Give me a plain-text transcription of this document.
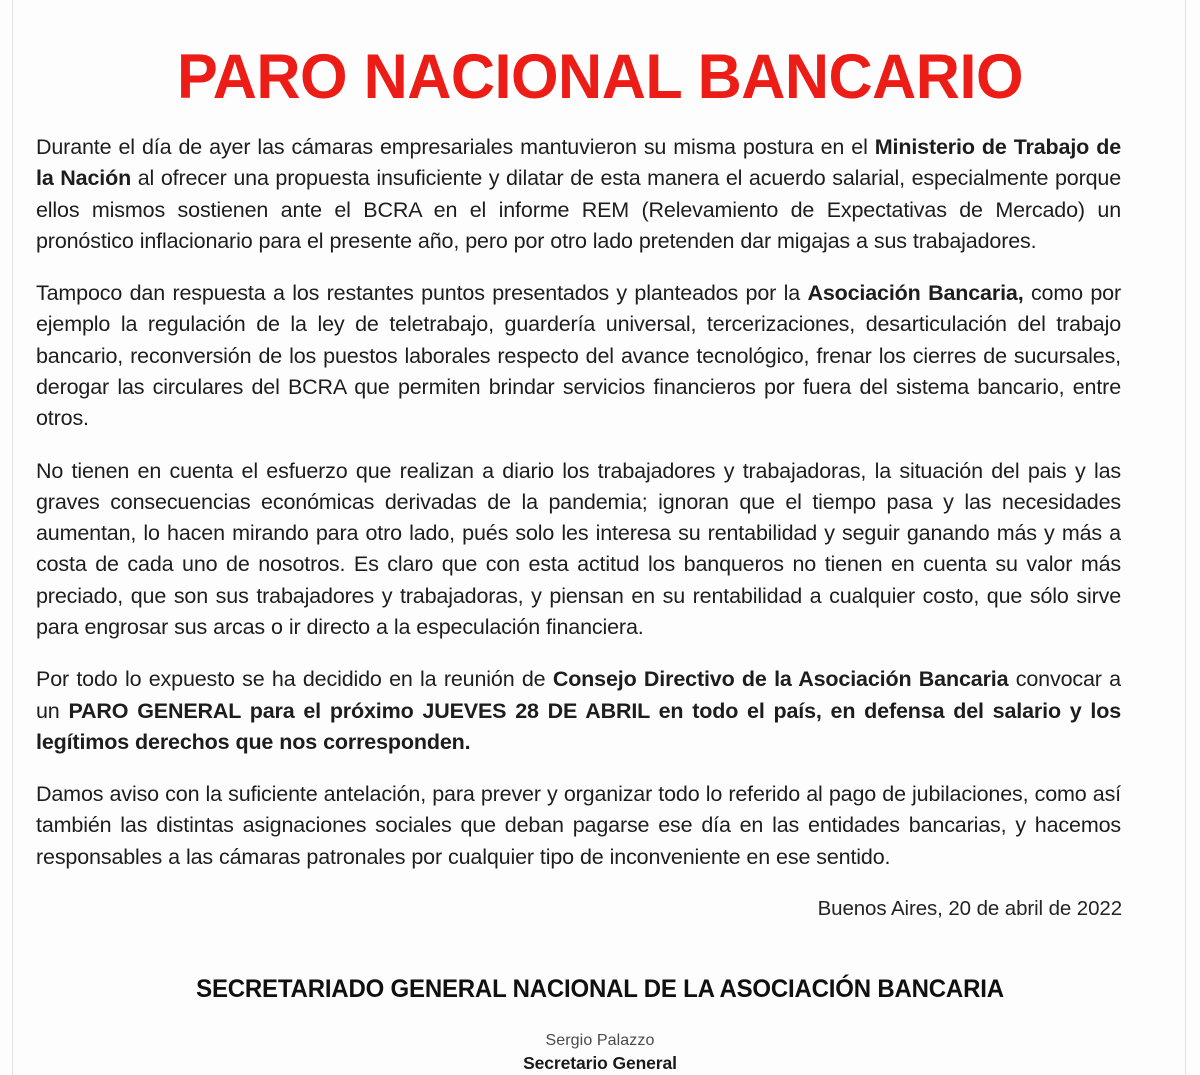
PARO NACIONAL BANCARIO

Durante el día de ayer las cámaras empresariales mantuvieron su misma postura en el Ministerio de Trabajo de la Nación al ofrecer una propuesta insuficiente y dilatar de esta manera el acuerdo salarial, especialmente porque ellos mismos sostienen ante el BCRA en el informe REM (Relevamiento de Expectativas de Mercado) un pronóstico inflacionario para el presente año, pero por otro lado pretenden dar migajas a sus trabajadores.

Tampoco dan respuesta a los restantes puntos presentados y planteados por la Asociación Bancaria, como por ejemplo la regulación de la ley de teletrabajo, guardería universal, tercerizaciones, desarticulación del trabajo bancario, reconversión de los puestos laborales respecto del avance tecnológico, frenar los cierres de sucursales, derogar las circulares del BCRA que permiten brindar servicios financieros por fuera del sistema bancario, entre otros.

No tienen en cuenta el esfuerzo que realizan a diario los trabajadores y trabajadoras, la situación del pais y las graves consecuencias económicas derivadas de la pandemia; ignoran que el tiempo pasa y las necesidades aumentan, lo hacen mirando para otro lado, pués solo les interesa su rentabilidad y seguir ganando más y más a costa de cada uno de nosotros. Es claro que con esta actitud los banqueros no tienen en cuenta su valor más preciado, que son sus trabajadores y trabajadoras, y piensan en su rentabilidad a cualquier costo, que sólo sirve para engrosar sus arcas o ir directo a la especulación financiera.

Por todo lo expuesto se ha decidido en la reunión de Consejo Directivo de la Asociación Bancaria convocar a un PARO GENERAL para el próximo JUEVES 28 DE ABRIL en todo el país, en defensa del salario y los legítimos derechos que nos corresponden.

Damos aviso con la suficiente antelación, para prever y organizar todo lo referido al pago de jubilaciones, como así también las distintas asignaciones sociales que deban pagarse ese día en las entidades bancarias, y hacemos responsables a las cámaras patronales por cualquier tipo de inconveniente en ese sentido.

Buenos Aires, 20 de abril de 2022
SECRETARIADO GENERAL NACIONAL DE LA ASOCIACIÓN BANCARIA
Sergio Palazzo
Secretario General
